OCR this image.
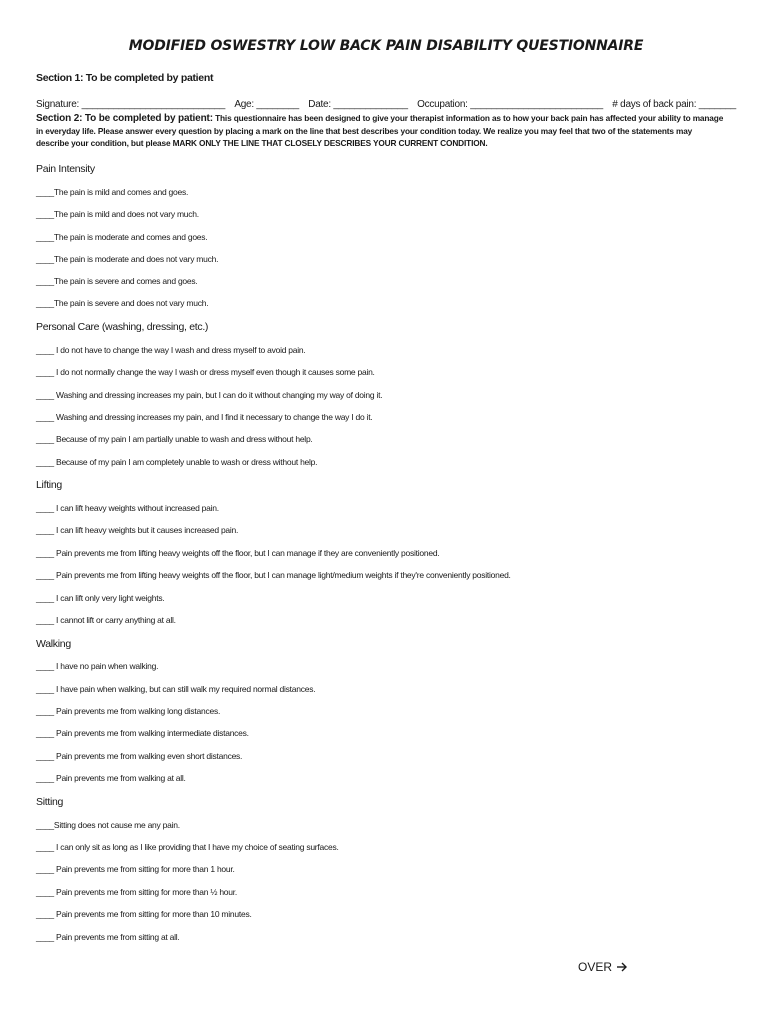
MODIFIED OSWESTRY LOW BACK PAIN DISABILITY QUESTIONNAIRE
Section 1: To be completed by patient
Signature: ___________________________ Age: ________ Date: ______________ Occupation: _________________________ # days of back pain: _______
Section 2: To be completed by patient: This questionnaire has been designed to give your therapist information as to how your back pain has affected your ability to manage in everyday life. Please answer every question by placing a mark on the line that best describes your condition today. We realize you may feel that two of the statements may describe your condition, but please MARK ONLY THE LINE THAT CLOSELY DESCRIBES YOUR CURRENT CONDITION.
Pain Intensity
____The pain is mild and comes and goes.
____The pain is mild and does not vary much.
____The pain is moderate and comes and goes.
____The pain is moderate and does not vary much.
____The pain is severe and comes and goes.
____The pain is severe and does not vary much.
Personal Care (washing, dressing, etc.)
____ I do not have to change the way I wash and dress myself to avoid pain.
____ I do not normally change the way I wash or dress myself even though it causes some pain.
____ Washing and dressing increases my pain, but I can do it without changing my way of doing it.
____ Washing and dressing increases my pain, and I find it necessary to change the way I do it.
____ Because of my pain I am partially unable to wash and dress without help.
____ Because of my pain I am completely unable to wash or dress without help.
Lifting
____ I can lift heavy weights without increased pain.
____ I can lift heavy weights but it causes increased pain.
____ Pain prevents me from lifting heavy weights off the floor, but I can manage if they are conveniently positioned.
____ Pain prevents me from lifting heavy weights off the floor, but I can manage light/medium weights if they're conveniently positioned.
____ I can lift only very light weights.
____ I cannot lift or carry anything at all.
Walking
____ I have no pain when walking.
____ I have pain when walking, but can still walk my required normal distances.
____ Pain prevents me from walking long distances.
____ Pain prevents me from walking intermediate distances.
____ Pain prevents me from walking even short distances.
____ Pain prevents me from walking at all.
Sitting
____Sitting does not cause me any pain.
____ I can only sit as long as I like providing that I have my choice of seating surfaces.
____ Pain prevents me from sitting for more than 1 hour.
____ Pain prevents me from sitting for more than ½ hour.
____ Pain prevents me from sitting for more than 10 minutes.
____ Pain prevents me from sitting at all.
OVER
